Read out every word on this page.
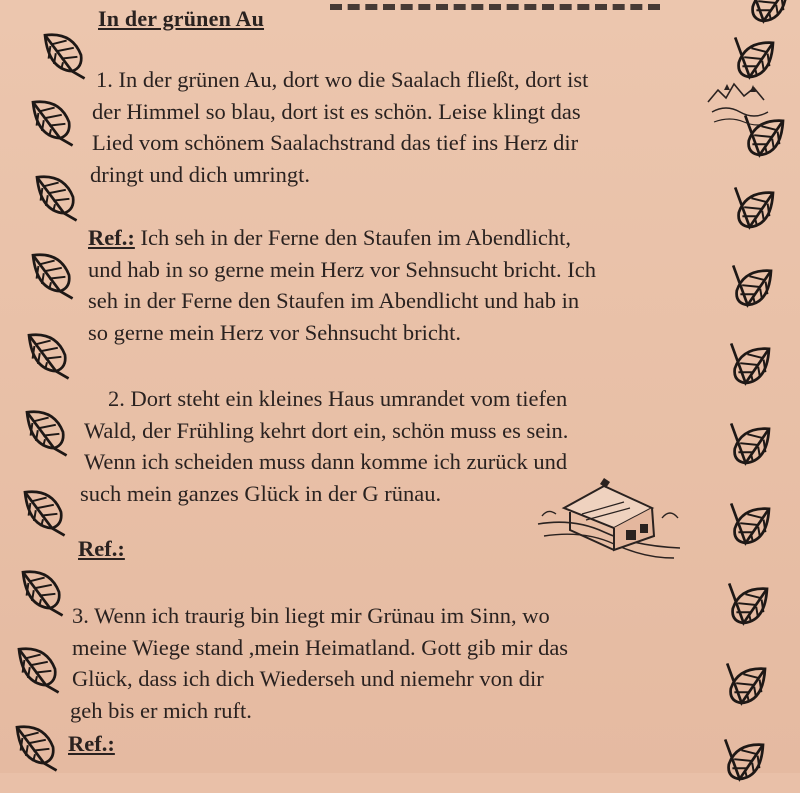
In der grünen Au
1. In der grünen Au, dort wo die Saalach fließt, dort ist
der Himmel so blau, dort ist es schön. Leise klingt das
Lied vom schönem Saalachstrand das tief ins Herz dir
dringt und dich umringt.
Ref.: Ich seh in der Ferne den Staufen im Abendlicht,
und hab in so gerne mein Herz vor Sehnsucht bricht. Ich
seh in der Ferne den Staufen im Abendlicht und hab in
so gerne mein Herz vor Sehnsucht bricht.
2. Dort steht ein kleines Haus umrandet vom tiefen
Wald, der Frühling kehrt dort ein, schön muss es sein.
Wenn ich scheiden muss dann komme ich zurück und
such mein ganzes Glück in der G rünau.
Ref.:
3. Wenn ich traurig bin liegt mir Grünau im Sinn, wo
meine Wiege stand ,mein Heimatland. Gott gib mir das
Glück, dass ich dich Wiederseh und niemehr von dir
geh bis er mich ruft.
Ref.:
